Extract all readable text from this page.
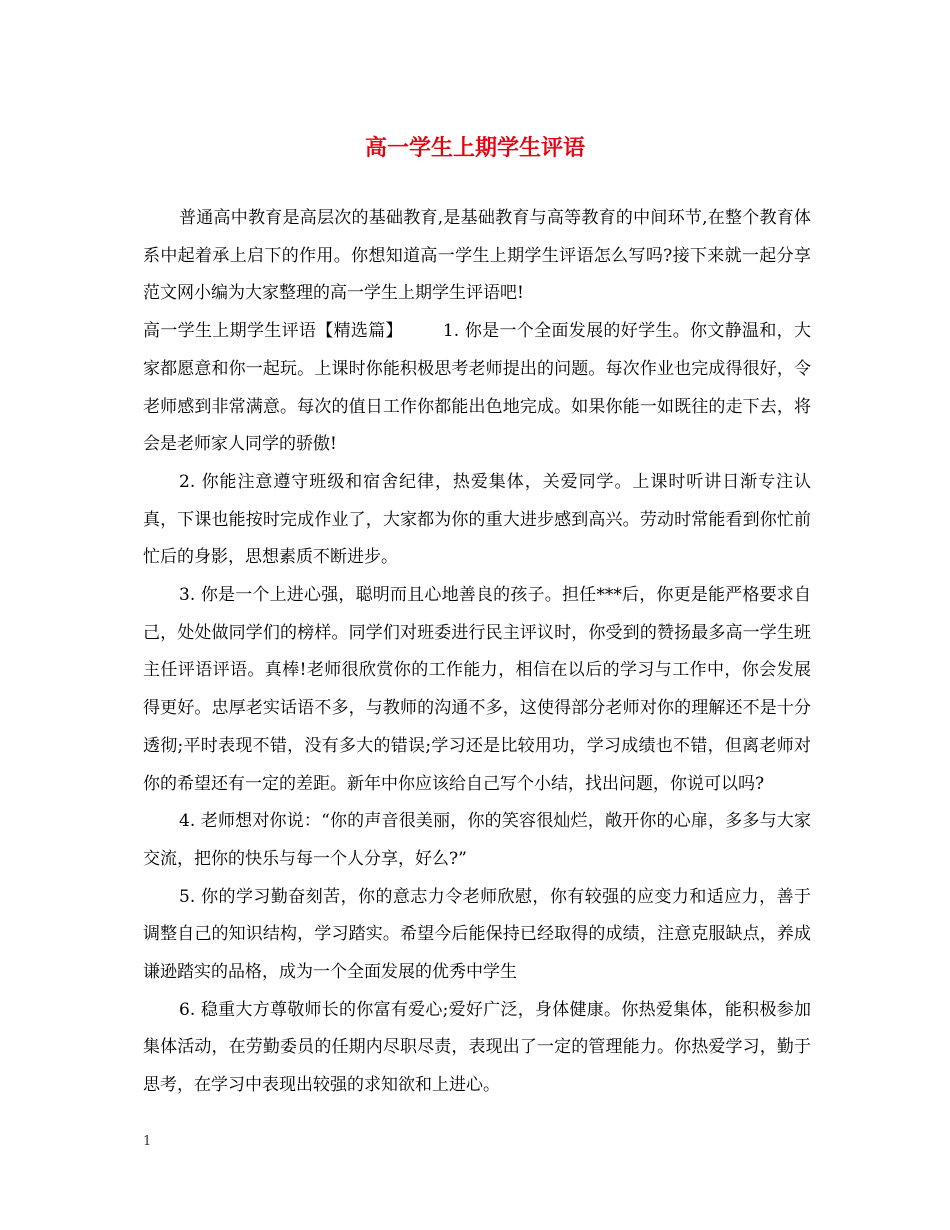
高一学生上期学生评语

普通高中教育是高层次的基础教育,是基础教育与高等教育的中间环节,在整个教育体系中起着承上启下的作用。你想知道高一学生上期学生评语怎么写吗?接下来就一起分享范文网小编为大家整理的高一学生上期学生评语吧!

高一学生上期学生评语【精选篇】 1. 你是一个全面发展的好学生。你文静温和，大家都愿意和你一起玩。上课时你能积极思考老师提出的问题。每次作业也完成得很好，令老师感到非常满意。每次的值日工作你都能出色地完成。如果你能一如既往的走下去，将会是老师家人同学的骄傲!

2. 你能注意遵守班级和宿舍纪律，热爱集体，关爱同学。上课时听讲日渐专注认真，下课也能按时完成作业了，大家都为你的重大进步感到高兴。劳动时常能看到你忙前忙后的身影，思想素质不断进步。

3. 你是一个上进心强，聪明而且心地善良的孩子。担任***后，你更是能严格要求自己，处处做同学们的榜样。同学们对班委进行民主评议时，你受到的赞扬最多高一学生班主任评语评语。真棒!老师很欣赏你的工作能力，相信在以后的学习与工作中，你会发展得更好。忠厚老实话语不多，与教师的沟通不多，这使得部分老师对你的理解还不是十分透彻;平时表现不错，没有多大的错误;学习还是比较用功，学习成绩也不错，但离老师对你的希望还有一定的差距。新年中你应该给自己写个小结，找出问题，你说可以吗?

4. 老师想对你说：“你的声音很美丽，你的笑容很灿烂，敞开你的心扉，多多与大家交流，把你的快乐与每一个人分享，好么?”

5. 你的学习勤奋刻苦，你的意志力令老师欣慰，你有较强的应变力和适应力，善于调整自己的知识结构，学习踏实。希望今后能保持已经取得的成绩，注意克服缺点，养成谦逊踏实的品格，成为一个全面发展的优秀中学生

6. 稳重大方尊敬师长的你富有爱心;爱好广泛，身体健康。你热爱集体，能积极参加集体活动，在劳勤委员的任期内尽职尽责，表现出了一定的管理能力。你热爱学习，勤于思考，在学习中表现出较强的求知欲和上进心。

1
